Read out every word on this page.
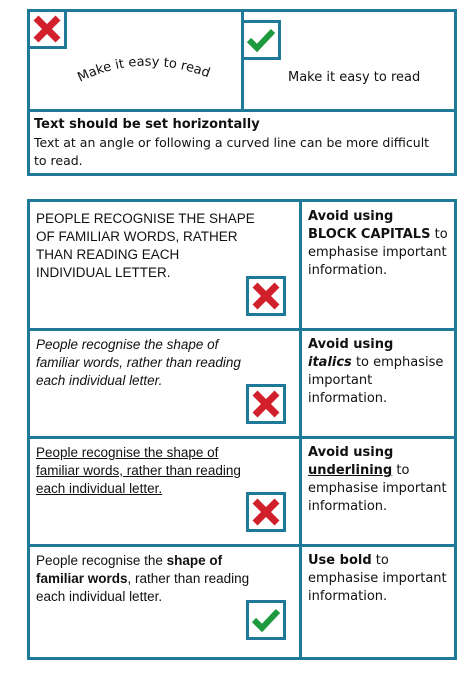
Make it easy to read	Make it easy to read
Text should be set horizontally
Text at an angle or following a curved line can be more difficult to read.
PEOPLE RECOGNISE THE SHAPE OF FAMILIAR WORDS, RATHER THAN READING EACH INDIVIDUAL LETTER.
Avoid using
BLOCK CAPITALS to emphasise important information.
People recognise the shape of familiar words, rather than reading each individual letter.
Avoid using
italics to emphasise important information.
People recognise the shape of familiar words, rather than reading each individual letter.
Avoid using
underlining to emphasise important information.
People recognise the shape of familiar words, rather than reading each individual letter.
Use bold to emphasise important information.
